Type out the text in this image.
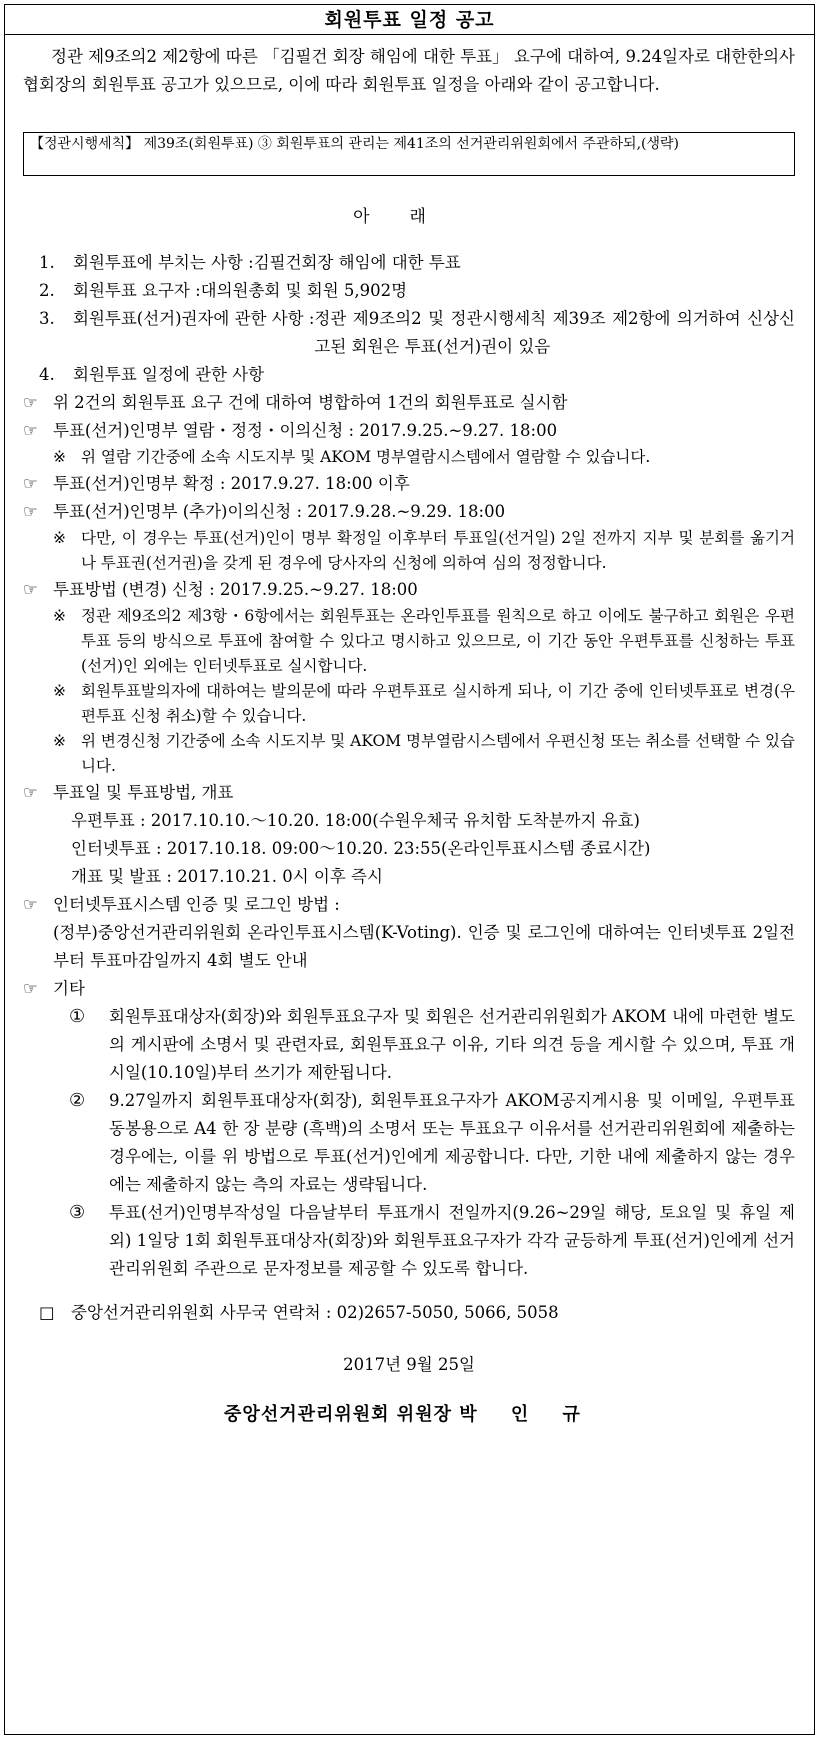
회원투표 일정 공고

정관 제9조의2 제2항에 따른 「김필건 회장 해임에 대한 투표」 요구에 대하여, 9.24일자로 대한한의사협회장의 회원투표 공고가 있으므로, 이에 따라 회원투표 일정을 아래와 같이 공고합니다.

【정관시행세칙】 제39조(회원투표) ③ 회원투표의 관리는 제41조의 선거관리위원회에서 주관하되,(생략)
아래
1.	회원투표에 부치는 사항 : 김필건회장 해임에 대한 투표
2.	회원투표 요구자 : 대의원총회 및 회원 5,902명
3.	회원투표(선거)권자에 관한 사항 : 정관 제9조의2 및 정관시행세칙 제39조 제2항에 의거하여 신상신고된 회원은 투표(선거)권이 있음
4.	회원투표 일정에 관한 사항
☞ 위 2건의 회원투표 요구 건에 대하여 병합하여 1건의 회원투표로 실시함
☞ 투표(선거)인명부 열람・정정・이의신청 : 2017.9.25.~9.27. 18:00
※ 위 열람 기간중에 소속 시도지부 및 AKOM 명부열람시스템에서 열람할 수 있습니다.
☞ 투표(선거)인명부 확정 : 2017.9.27. 18:00 이후
☞ 투표(선거)인명부 (추가)이의신청 : 2017.9.28.~9.29. 18:00
※ 다만, 이 경우는 투표(선거)인이 명부 확정일 이후부터 투표일(선거일) 2일 전까지 지부 및 분회를 옮기거나 투표권(선거권)을 갖게 된 경우에 당사자의 신청에 의하여 심의 정정합니다.
☞ 투표방법 (변경) 신청 : 2017.9.25.~9.27. 18:00
※ 정관 제9조의2 제3항・6항에서는 회원투표는 온라인투표를 원칙으로 하고 이에도 불구하고 회원은 우편투표 등의 방식으로 투표에 참여할 수 있다고 명시하고 있으므로, 이 기간 동안 우편투표를 신청하는 투표(선거)인 외에는 인터넷투표로 실시합니다.
※ 회원투표발의자에 대하여는 발의문에 따라 우편투표로 실시하게 되나, 이 기간 중에 인터넷투표로 변경(우편투표 신청 취소)할 수 있습니다.
※ 위 변경신청 기간중에 소속 시도지부 및 AKOM 명부열람시스템에서 우편신청 또는 취소를 선택할 수 있습니다.
☞ 투표일 및 투표방법, 개표
우편투표 : 2017.10.10.～10.20. 18:00(수원우체국 유치함 도착분까지 유효)
인터넷투표 : 2017.10.18. 09:00～10.20. 23:55(온라인투표시스템 종료시간)
개표 및 발표 : 2017.10.21. 0시 이후 즉시
☞ 인터넷투표시스템 인증 및 로그인 방법 :
(정부)중앙선거관리위원회 온라인투표시스템(K-Voting). 인증 및 로그인에 대하여는 인터넷투표 2일전부터 투표마감일까지 4회 별도 안내
☞ 기타
①	회원투표대상자(회장)와 회원투표요구자 및 회원은 선거관리위원회가 AKOM 내에 마련한 별도의 게시판에 소명서 및 관련자료, 회원투표요구 이유, 기타 의견 등을 게시할 수 있으며, 투표 개시일(10.10일)부터 쓰기가 제한됩니다.
②	9.27일까지 회원투표대상자(회장), 회원투표요구자가 AKOM공지게시용 및 이메일, 우편투표 동봉용으로 A4 한 장 분량 (흑백)의 소명서 또는 투표요구 이유서를 선거관리위원회에 제출하는 경우에는, 이를 위 방법으로 투표(선거)인에게 제공합니다. 다만, 기한 내에 제출하지 않는 경우에는 제출하지 않는 측의 자료는 생략됩니다.
③	투표(선거)인명부작성일 다음날부터 투표개시 전일까지(9.26~29일 해당, 토요일 및 휴일 제외) 1일당 1회 회원투표대상자(회장)와 회원투표요구자가 각각 균등하게 투표(선거)인에게 선거관리위원회 주관으로 문자정보를 제공할 수 있도록 합니다.
□ 중앙선거관리위원회 사무국 연락처 : 02)2657-5050, 5066, 5058
2017년 9월 25일
중앙선거관리위원회 위원장 박 인 규
